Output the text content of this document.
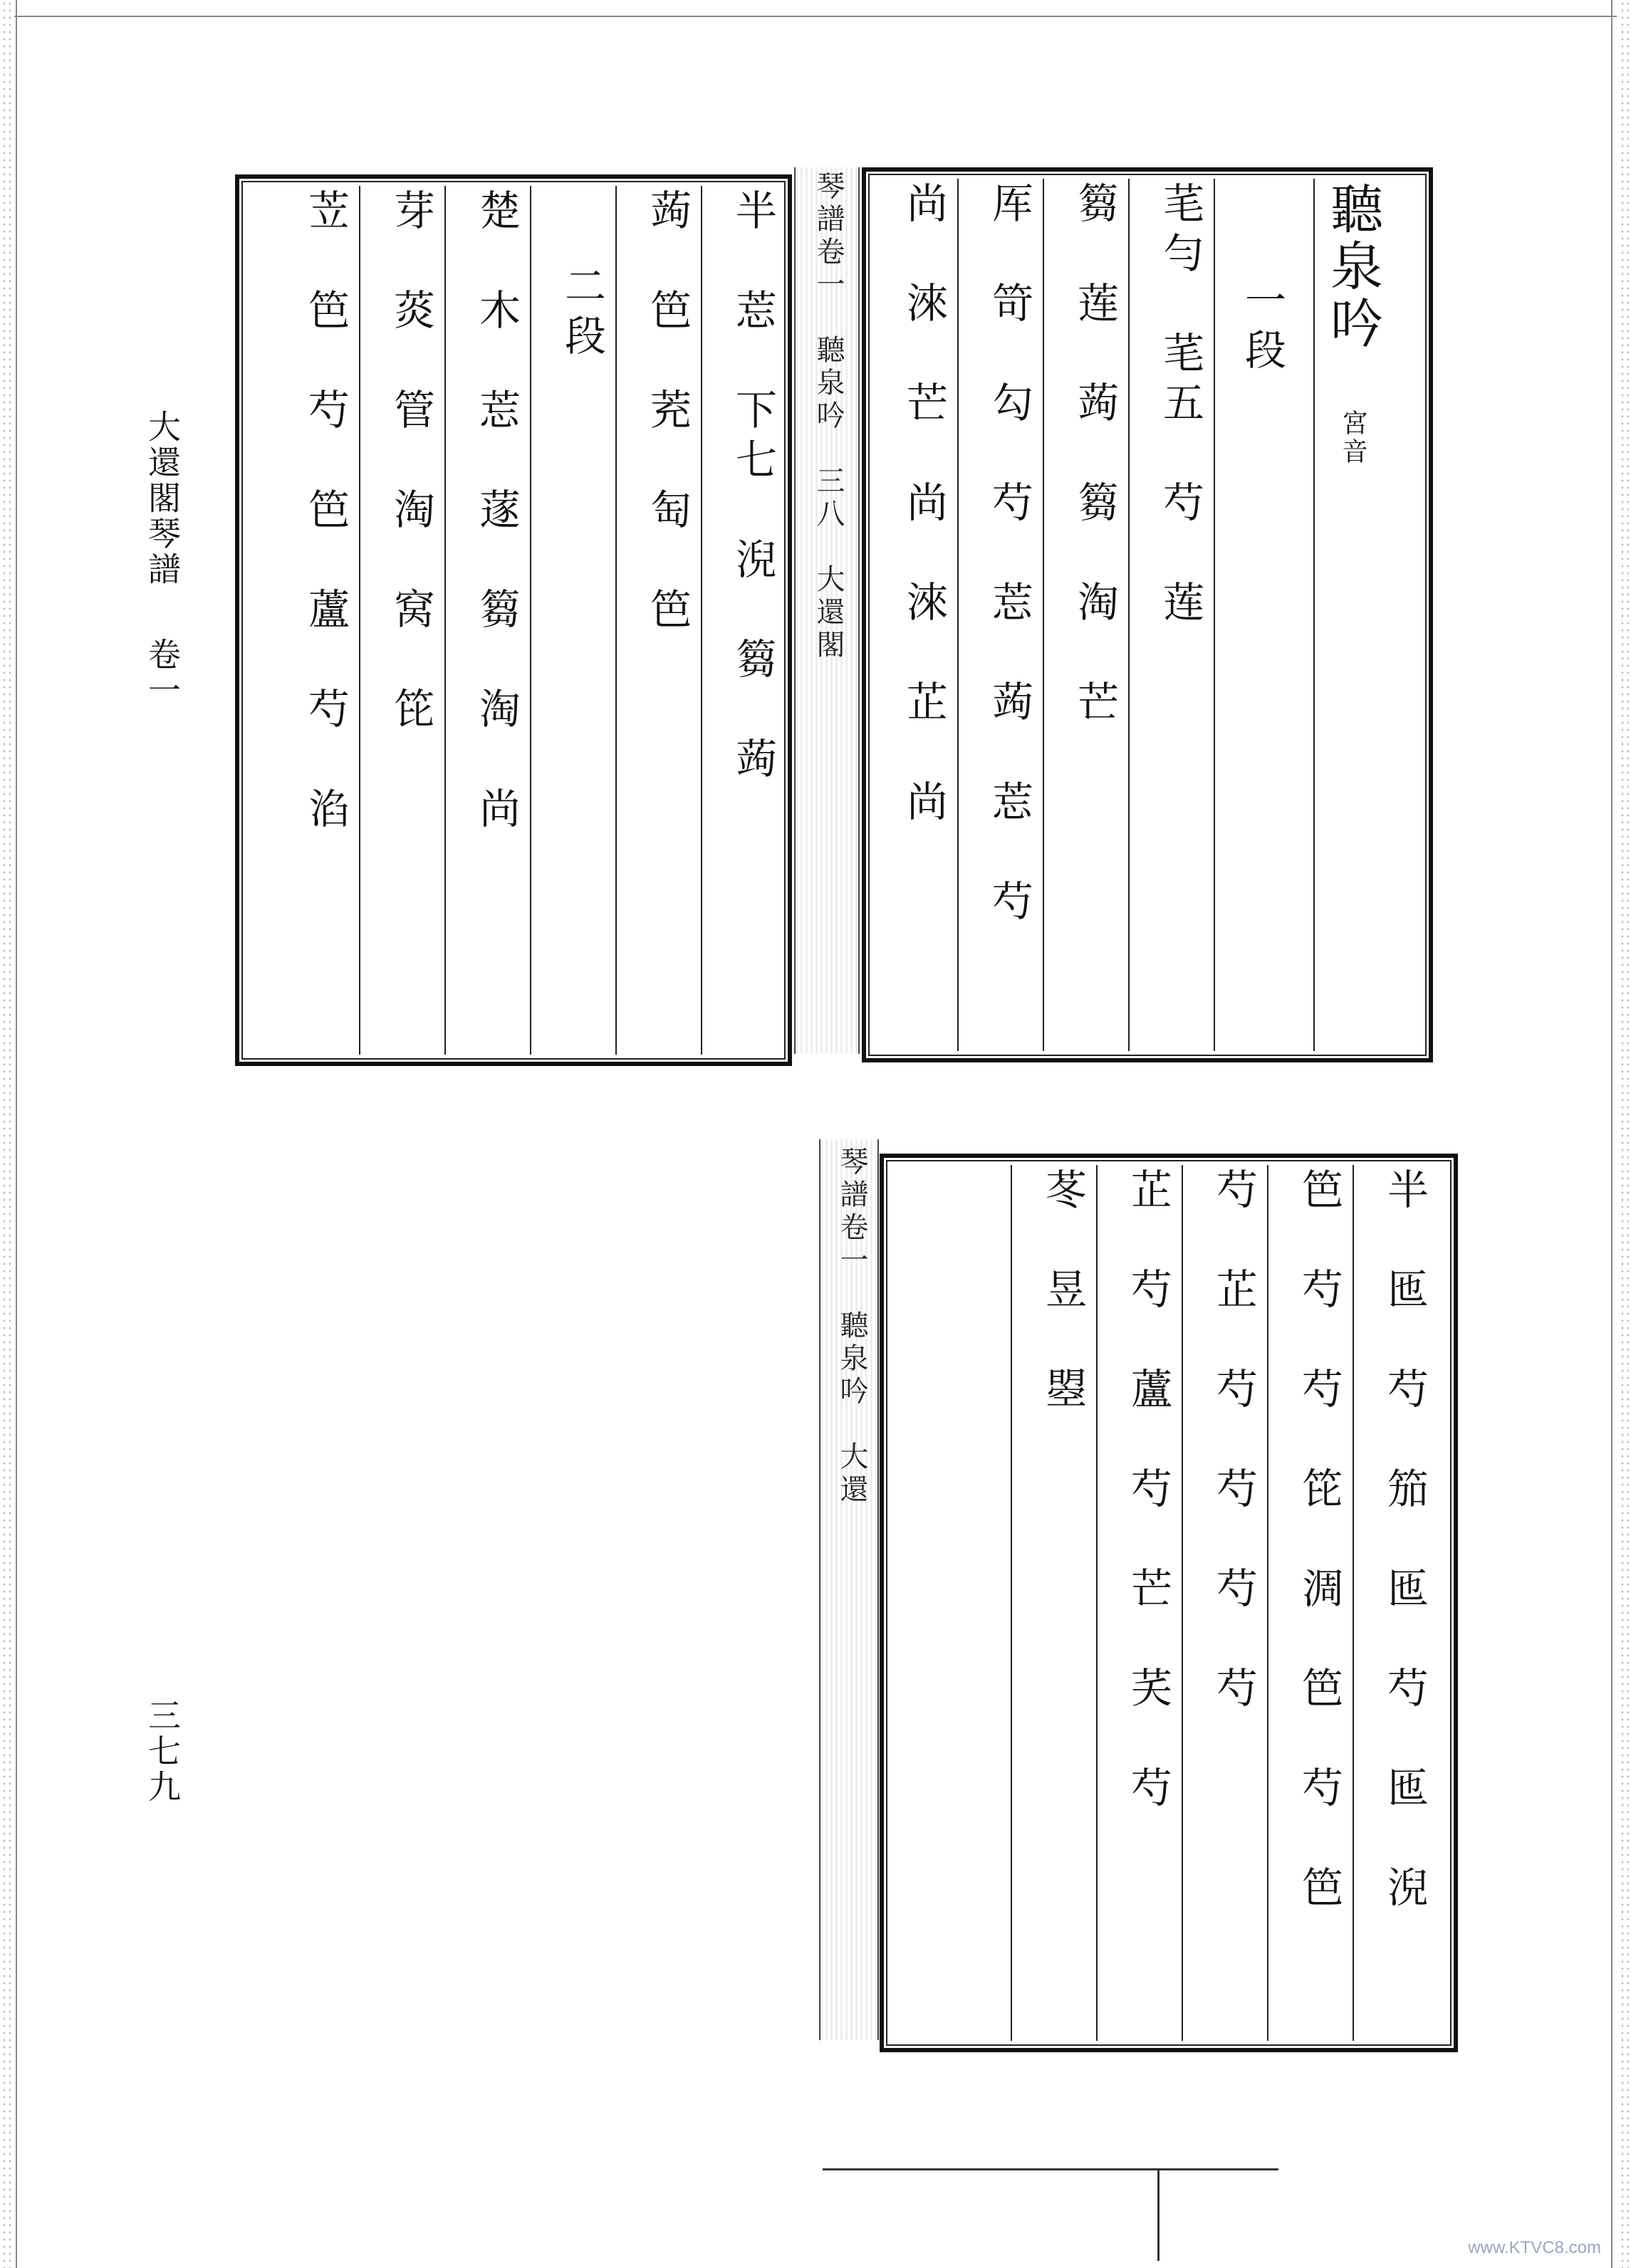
大還閣琴譜卷一
三七九
聽泉吟　宮音
一段
芼勻　芼五　芍　莲　
篘　莲　蒟　篘　淘　芒　
厍　笴　勾　芍　莣　蒟　莣　芍　
尚　淶　芒　尚　淶　芷　尚
琴譜卷一　聽泉吟　三八　大還閣
半　莣　下七　淣　篘　蒟　
蒟　笆　茺　匋　笆　
二段
楚　木　莣　蓫　篘　淘　尚　
芽　菼　管　淘　窝　笓　
苙　笆　芍　笆　蘆　芍　淊　
琴譜卷一　聽泉吟　大還	半　匜　芍　笳　匜　芍　匜　淣
笆　芍　芍　笓　淍　笆　芍　笆
芍　芷　芍　芍　芍　芍
芷　芍　蘆　芍　芒　芺　芍
苳　昱　曌
www.KTVC8.com
